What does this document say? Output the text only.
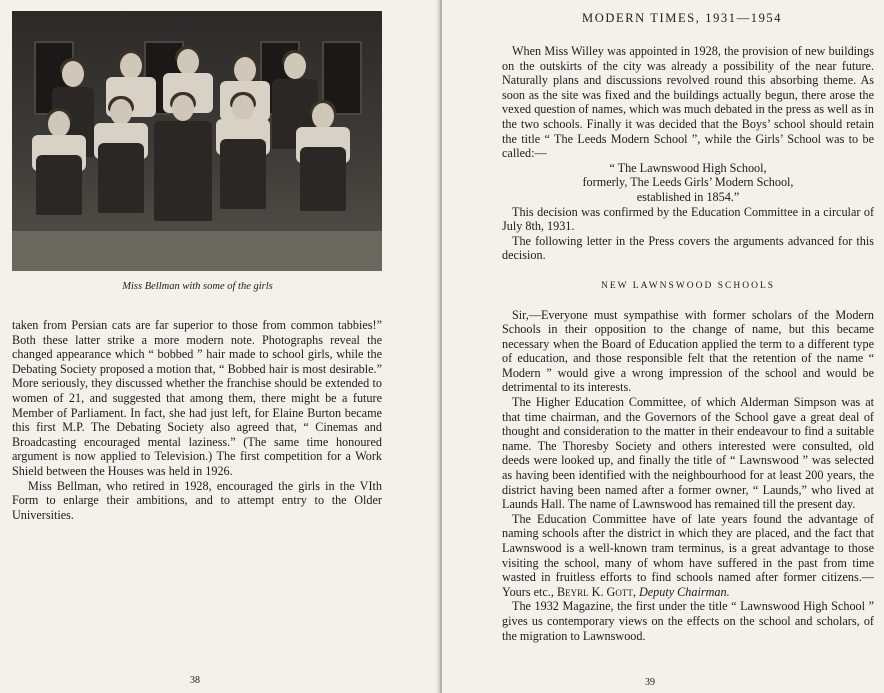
Miss Bellman with some of the girls

taken from Persian cats are far superior to those from common tabbies!” Both these latter strike a more modern note. Photographs reveal the changed appearance which “ bobbed ” hair made to school girls, while the Debating Society proposed a motion that, “ Bobbed hair is most desirable.” More seriously, they discussed whether the franchise should be extended to women of 21, and suggested that among them, there might be a future Member of Parliament. In fact, she had just left, for Elaine Burton became this first M.P. The Debating Society also agreed that, “ Cinemas and Broadcasting encouraged mental laziness.” (The same time honoured argument is now applied to Television.) The first competition for a Work Shield between the Houses was held in 1926.

Miss Bellman, who retired in 1928, encouraged the girls in the VIth Form to enlarge their ambitions, and to attempt entry to the Older Universities.

38
MODERN TIMES, 1931—1954

When Miss Willey was appointed in 1928, the provision of new buildings on the outskirts of the city was already a possibility of the near future. Naturally plans and discussions revolved round this absorbing theme. As soon as the site was fixed and the buildings actually begun, there arose the vexed question of names, which was much debated in the press as well as in the two schools. Finally it was decided that the Boys’ school should retain the title “ The Leeds Modern School ”, while the Girls’ School was to be called:—

“ The Lawnswood High School,
formerly, The Leeds Girls’ Modern School,
established in 1854.”

This decision was confirmed by the Education Committee in a circular of July 8th, 1931.

The following letter in the Press covers the arguments advanced for this decision.

NEW LAWNSWOOD SCHOOLS

Sir,—Everyone must sympathise with former scholars of the Modern Schools in their opposition to the change of name, but this became necessary when the Board of Education applied the term to a different type of education, and those responsible felt that the retention of the name “ Modern ” would give a wrong impression of the school and would be detrimental to its interests.

The Higher Education Committee, of which Alderman Simpson was at that time chairman, and the Governors of the School gave a great deal of thought and consideration to the matter in their endeavour to find a suitable name. The Thoresby Society and others interested were consulted, old deeds were looked up, and finally the title of “ Lawnswood ” was selected as having been identified with the neighbourhood for at least 200 years, the district having been named after a former owner, “ Launds,” who lived at Launds Hall. The name of Lawnswood has remained till the present day.

The Education Committee have of late years found the advantage of naming schools after the district in which they are placed, and the fact that Lawnswood is a well-known tram terminus, is a great advantage to those visiting the school, many of whom have suffered in the past from time wasted in fruitless efforts to find schools named after former citizens.—Yours etc., Beyrl K. Gott, Deputy Chairman.

The 1932 Magazine, the first under the title “ Lawnswood High School ” gives us contemporary views on the effects on the school and scholars, of the migration to Lawnswood.

39
